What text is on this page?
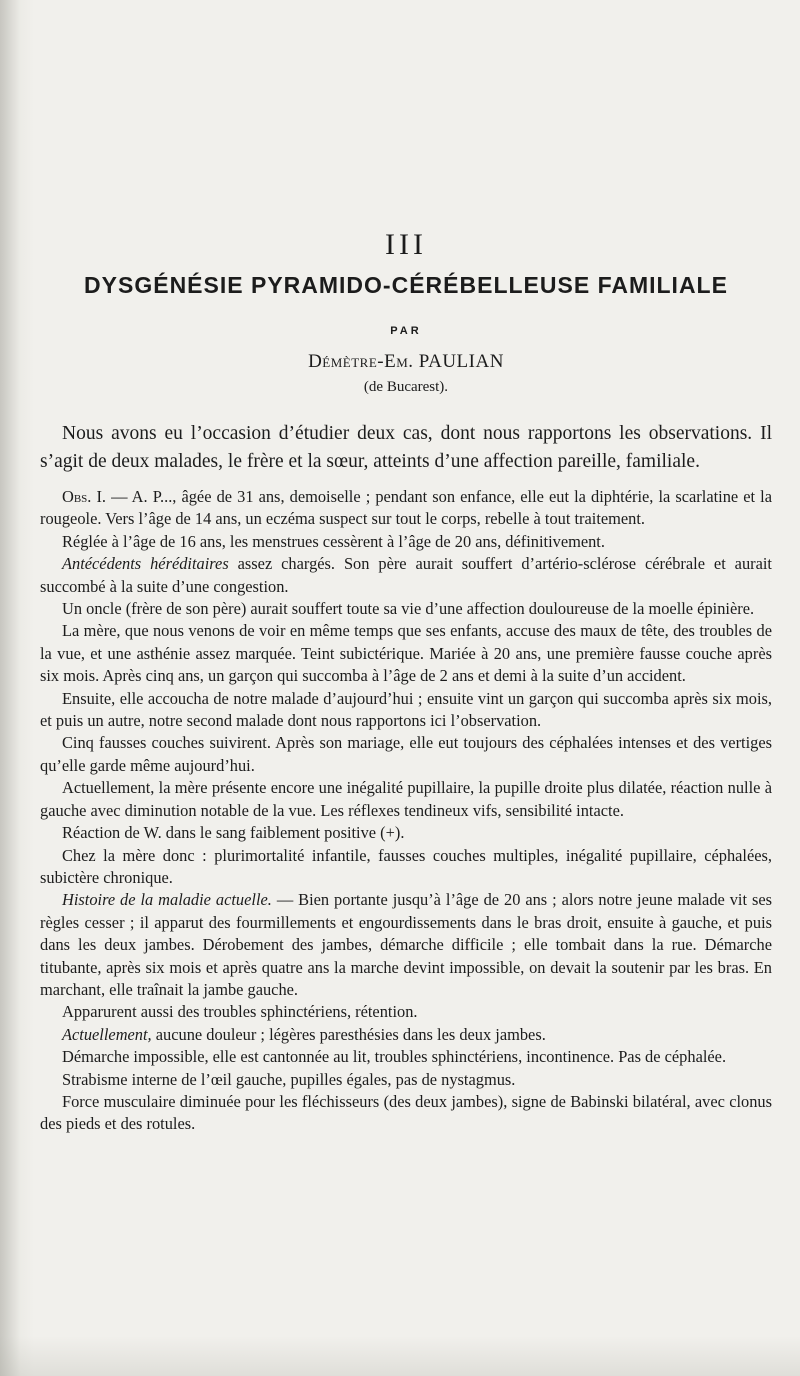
III
DYSGÉNÉSIE PYRAMIDO-CÉRÉBELLEUSE FAMILIALE
PAR
Démètre-Em. PAULIAN
(de Bucarest).

Nous avons eu l’occasion d’étudier deux cas, dont nous rapportons les observations. Il s’agit de deux malades, le frère et la sœur, atteints d’une affection pareille, familiale.

Obs. I. — A. P..., âgée de 31 ans, demoiselle ; pendant son enfance, elle eut la diphtérie, la scarlatine et la rougeole. Vers l’âge de 14 ans, un eczéma suspect sur tout le corps, rebelle à tout traitement.

Réglée à l’âge de 16 ans, les menstrues cessèrent à l’âge de 20 ans, définitivement.

Antécédents héréditaires assez chargés. Son père aurait souffert d’artério-sclérose cérébrale et aurait succombé à la suite d’une congestion.

Un oncle (frère de son père) aurait souffert toute sa vie d’une affection douloureuse de la moelle épinière.

La mère, que nous venons de voir en même temps que ses enfants, accuse des maux de tête, des troubles de la vue, et une asthénie assez marquée. Teint subictérique. Mariée à 20 ans, une première fausse couche après six mois. Après cinq ans, un garçon qui succomba à l’âge de 2 ans et demi à la suite d’un accident.

Ensuite, elle accoucha de notre malade d’aujourd’hui ; ensuite vint un garçon qui succomba après six mois, et puis un autre, notre second malade dont nous rapportons ici l’observation.

Cinq fausses couches suivirent. Après son mariage, elle eut toujours des céphalées intenses et des vertiges qu’elle garde même aujourd’hui.

Actuellement, la mère présente encore une inégalité pupillaire, la pupille droite plus dilatée, réaction nulle à gauche avec diminution notable de la vue. Les réflexes tendineux vifs, sensibilité intacte.

Réaction de W. dans le sang faiblement positive (+).

Chez la mère donc : plurimortalité infantile, fausses couches multiples, inégalité pupillaire, céphalées, subictère chronique.

Histoire de la maladie actuelle. — Bien portante jusqu’à l’âge de 20 ans ; alors notre jeune malade vit ses règles cesser ; il apparut des fourmillements et engourdissements dans le bras droit, ensuite à gauche, et puis dans les deux jambes. Dérobement des jambes, démarche difficile ; elle tombait dans la rue. Démarche titubante, après six mois et après quatre ans la marche devint impossible, on devait la soutenir par les bras. En marchant, elle traînait la jambe gauche.

Apparurent aussi des troubles sphinctériens, rétention.

Actuellement, aucune douleur ; légères paresthésies dans les deux jambes.

Démarche impossible, elle est cantonnée au lit, troubles sphinctériens, incontinence. Pas de céphalée.

Strabisme interne de l’œil gauche, pupilles égales, pas de nystagmus.

Force musculaire diminuée pour les fléchisseurs (des deux jambes), signe de Babinski bilatéral, avec clonus des pieds et des rotules.
